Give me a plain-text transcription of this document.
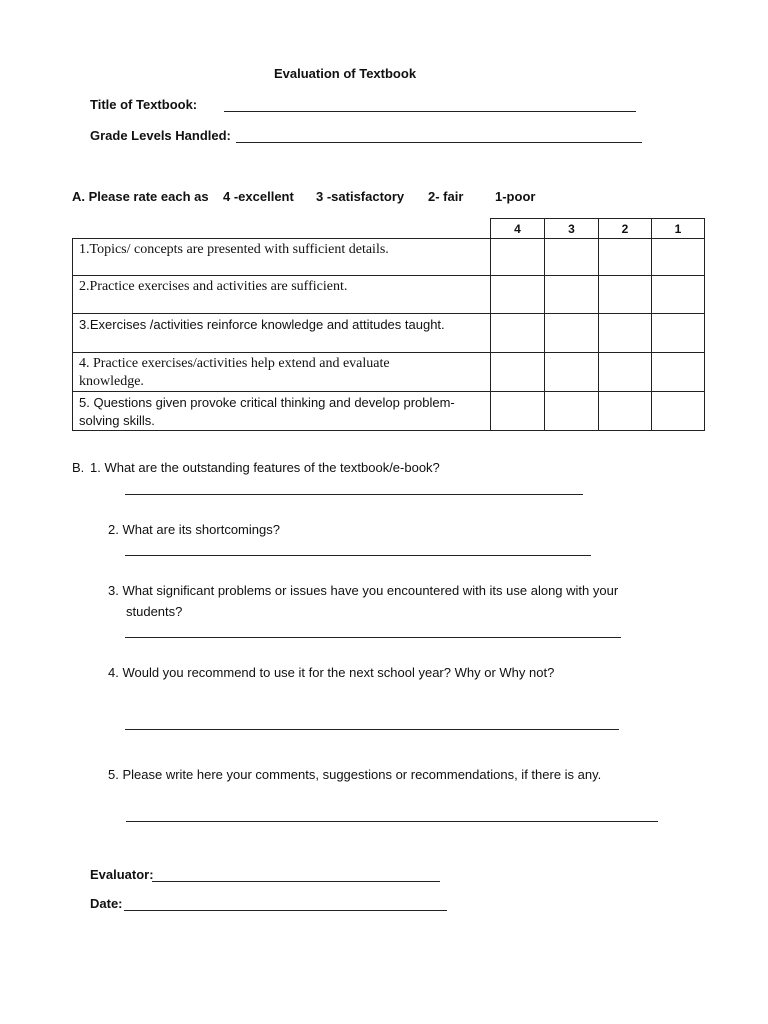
Evaluation of Textbook
Title of Textbook:
Grade Levels Handled:
A. Please rate each as 4 -excellent 3 -satisfactory 2- fair 1-poor
	4	3	2	1
1.Topics/ concepts are presented with sufficient details.				
2.Practice exercises and activities are sufficient.				
3.Exercises /activities reinforce knowledge and attitudes taught.				
4. Practice exercises/activities help extend and evaluate knowledge.				
5. Questions given provoke critical thinking and develop problem-solving skills.				
B. 1. What are the outstanding features of the textbook/e-book?
2. What are its shortcomings?
3. What significant problems or issues have you encountered with its use along with your
students?
4. Would you recommend to use it for the next school year? Why or Why not?
5. Please write here your comments, suggestions or recommendations, if there is any.
Evaluator:
Date:
